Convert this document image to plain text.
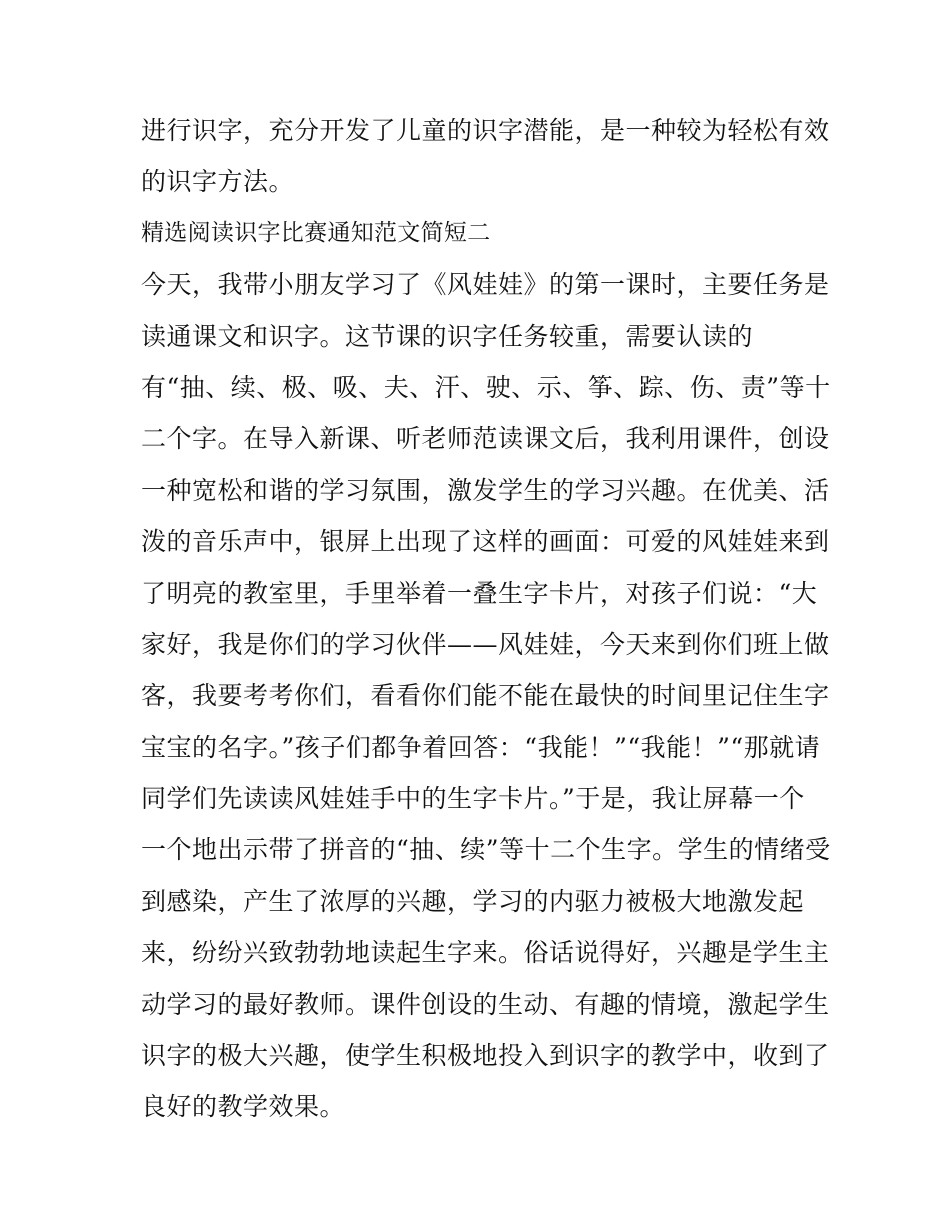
进行识字，充分开发了儿童的识字潜能，是一种较为轻松有效
的识字方法。
精选阅读识字比赛通知范文简短二
今天，我带小朋友学习了《风娃娃》的第一课时，主要任务是
读通课文和识字。这节课的识字任务较重，需要认读的
有“抽、续、极、吸、夫、汗、驶、示、筝、踪、伤、责”等十
二个字。在导入新课、听老师范读课文后，我利用课件，创设
一种宽松和谐的学习氛围，激发学生的学习兴趣。在优美、活
泼的音乐声中，银屏上出现了这样的画面：可爱的风娃娃来到
了明亮的教室里，手里举着一叠生字卡片，对孩子们说：“大
家好，我是你们的学习伙伴——风娃娃，今天来到你们班上做
客，我要考考你们，看看你们能不能在最快的时间里记住生字
宝宝的名字。”孩子们都争着回答：“我能！”“我能！”“那就请
同学们先读读风娃娃手中的生字卡片。”于是，我让屏幕一个
一个地出示带了拼音的“抽、续”等十二个生字。学生的情绪受
到感染，产生了浓厚的兴趣，学习的内驱力被极大地激发起
来，纷纷兴致勃勃地读起生字来。俗话说得好，兴趣是学生主
动学习的最好教师。课件创设的生动、有趣的情境，激起学生
识字的极大兴趣，使学生积极地投入到识字的教学中，收到了
良好的教学效果。
